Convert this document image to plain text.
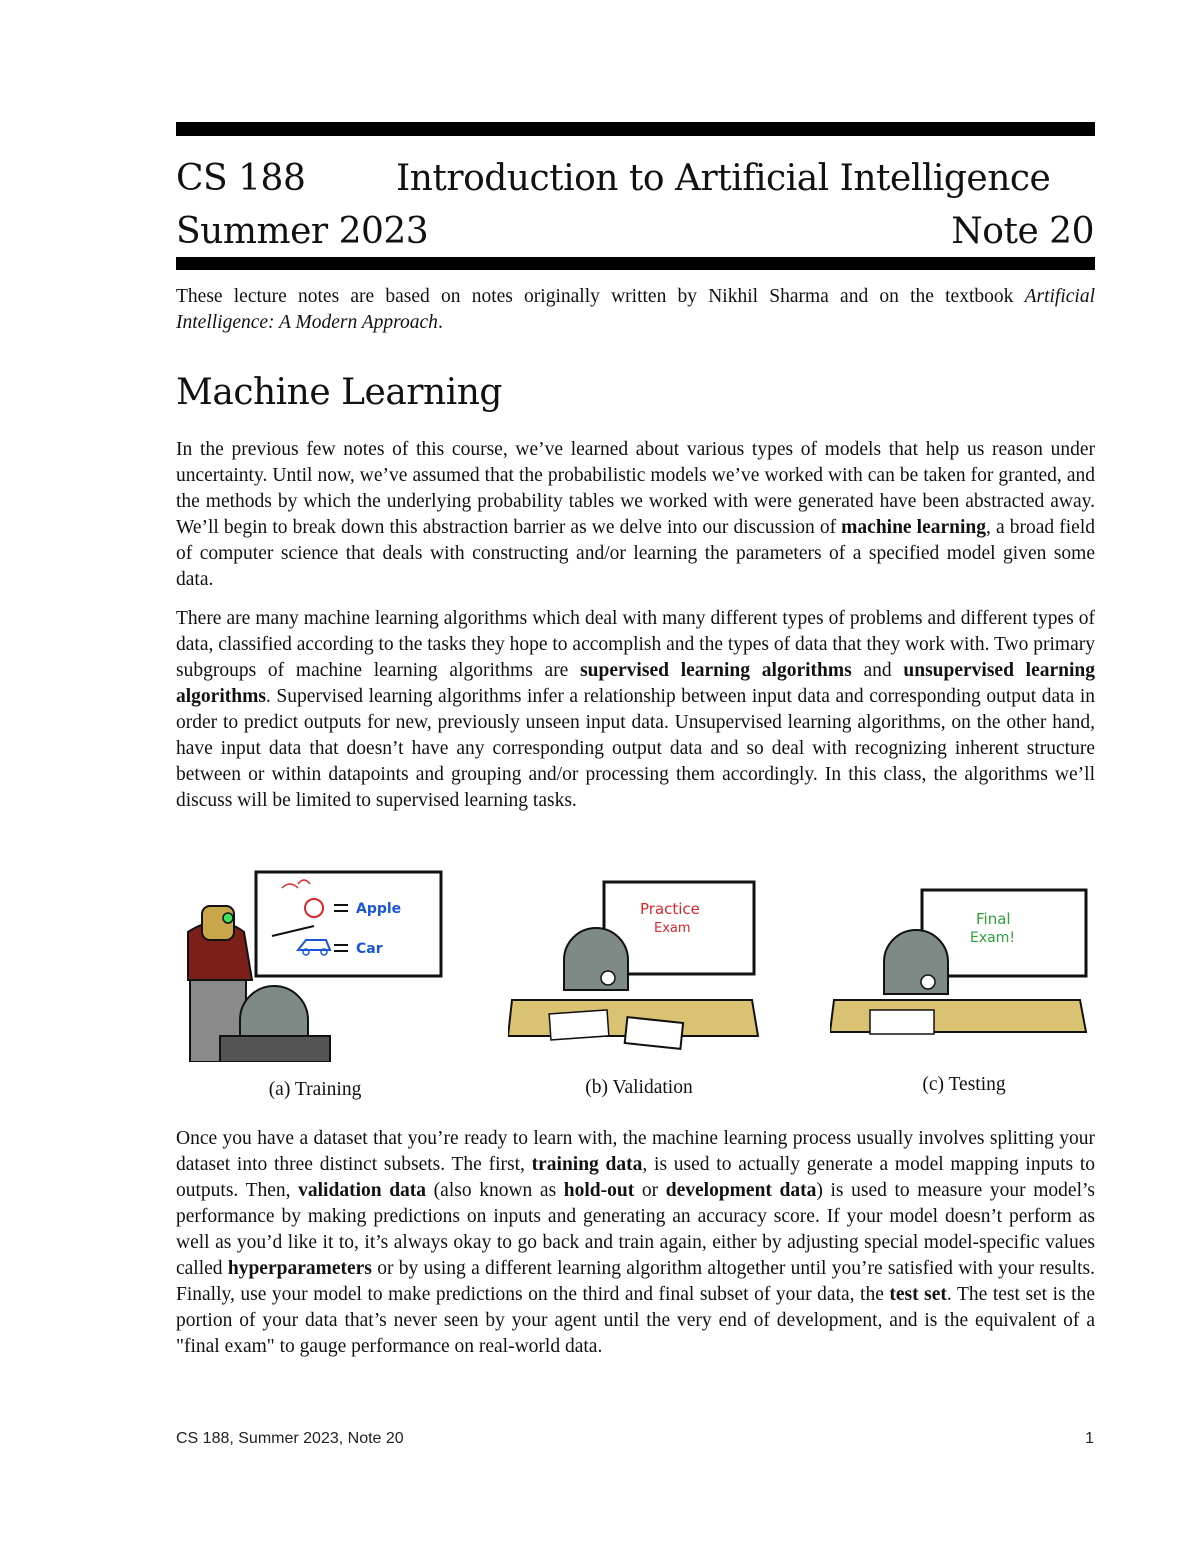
CS 188	Introduction to Artificial Intelligence
Summer 2023	Note 20
These lecture notes are based on notes originally written by Nikhil Sharma and on the textbook Artificial Intelligence: A Modern Approach.
Machine Learning
In the previous few notes of this course, we’ve learned about various types of models that help us reason under uncertainty. Until now, we’ve assumed that the probabilistic models we’ve worked with can be taken for granted, and the methods by which the underlying probability tables we worked with were generated have been abstracted away. We’ll begin to break down this abstraction barrier as we delve into our discussion of machine learning, a broad field of computer science that deals with constructing and/or learning the parameters of a specified model given some data.
There are many machine learning algorithms which deal with many different types of problems and different types of data, classified according to the tasks they hope to accomplish and the types of data that they work with. Two primary subgroups of machine learning algorithms are supervised learning algorithms and unsupervised learning algorithms. Supervised learning algorithms infer a relationship between input data and corresponding output data in order to predict outputs for new, previously unseen input data. Unsupervised learning algorithms, on the other hand, have input data that doesn’t have any corresponding output data and so deal with recognizing inherent structure between or within datapoints and grouping and/or processing them accordingly. In this class, the algorithms we’ll discuss will be limited to supervised learning tasks.
Apple
Car
(a) Training
Practice
Exam
(b) Validation
Final
Exam!
(c) Testing
Once you have a dataset that you’re ready to learn with, the machine learning process usually involves splitting your dataset into three distinct subsets. The first, training data, is used to actually generate a model mapping inputs to outputs. Then, validation data (also known as hold-out or development data) is used to measure your model’s performance by making predictions on inputs and generating an accuracy score. If your model doesn’t perform as well as you’d like it to, it’s always okay to go back and train again, either by adjusting special model-specific values called hyperparameters or by using a different learning algorithm altogether until you’re satisfied with your results. Finally, use your model to make predictions on the third and final subset of your data, the test set. The test set is the portion of your data that’s never seen by your agent until the very end of development, and is the equivalent of a "final exam" to gauge performance on real-world data.
CS 188, Summer 2023, Note 20	1
